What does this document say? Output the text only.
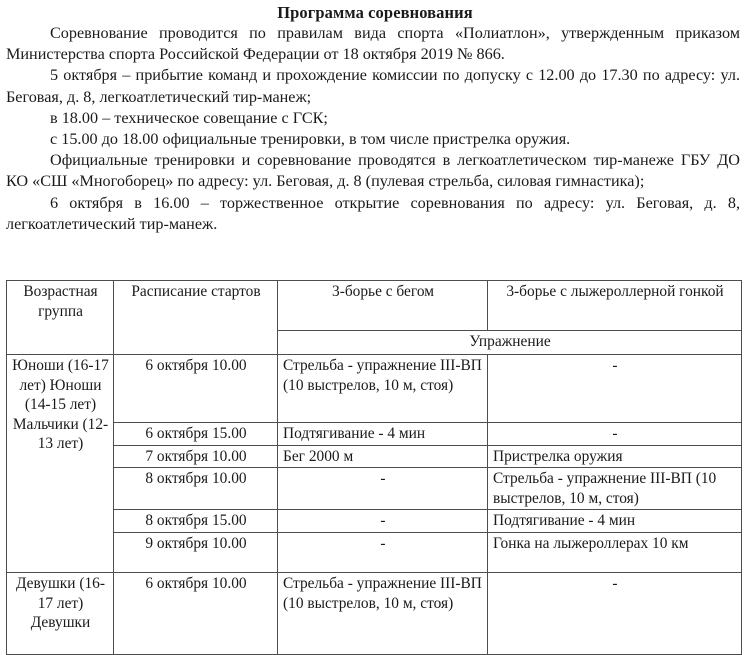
Программа соревнования

Соревнование проводится по правилам вида спорта «Полиатлон», утвержденным приказом Министерства спорта Российской Федерации от 18 октября 2019 № 866.

5 октября – прибытие команд и прохождение комиссии по допуску с 12.00 до 17.30 по адресу: ул. Беговая, д. 8, легкоатлетический тир-манеж;

в 18.00 – техническое совещание с ГСК;

с 15.00 до 18.00 официальные тренировки, в том числе пристрелка оружия.

Официальные тренировки и соревнование проводятся в легкоатлетическом тир-манеже ГБУ ДО КО «СШ «Многоборец» по адресу: ул. Беговая, д. 8 (пулевая стрельба, силовая гимнастика);

6 октября в 16.00 – торжественное открытие соревнования по адресу: ул. Беговая, д. 8, легкоатлетический тир-манеж.

Возрастная группа	Расписание стартов	3-борье с бегом	3-борье с лыжероллерной гонкой
		Упражнение	
Юноши (16-17 лет) Юноши (14-15 лет) Мальчики (12-13 лет)	6 октября 10.00	Стрельба - упражнение III-ВП (10 выстрелов, 10 м, стоя)	-
	6 октября 15.00	Подтягивание - 4 мин	-
	7 октября 10.00	Бег 2000 м	Пристрелка оружия
	8 октября 10.00	-	Стрельба - упражнение III-ВП (10 выстрелов, 10 м, стоя)
	8 октября 15.00	-	Подтягивание - 4 мин
	9 октября 10.00	-	Гонка на лыжероллерах 10 км
Девушки (16-17 лет) Девушки	6 октября 10.00	Стрельба - упражнение III-ВП (10 выстрелов, 10 м, стоя)	-
